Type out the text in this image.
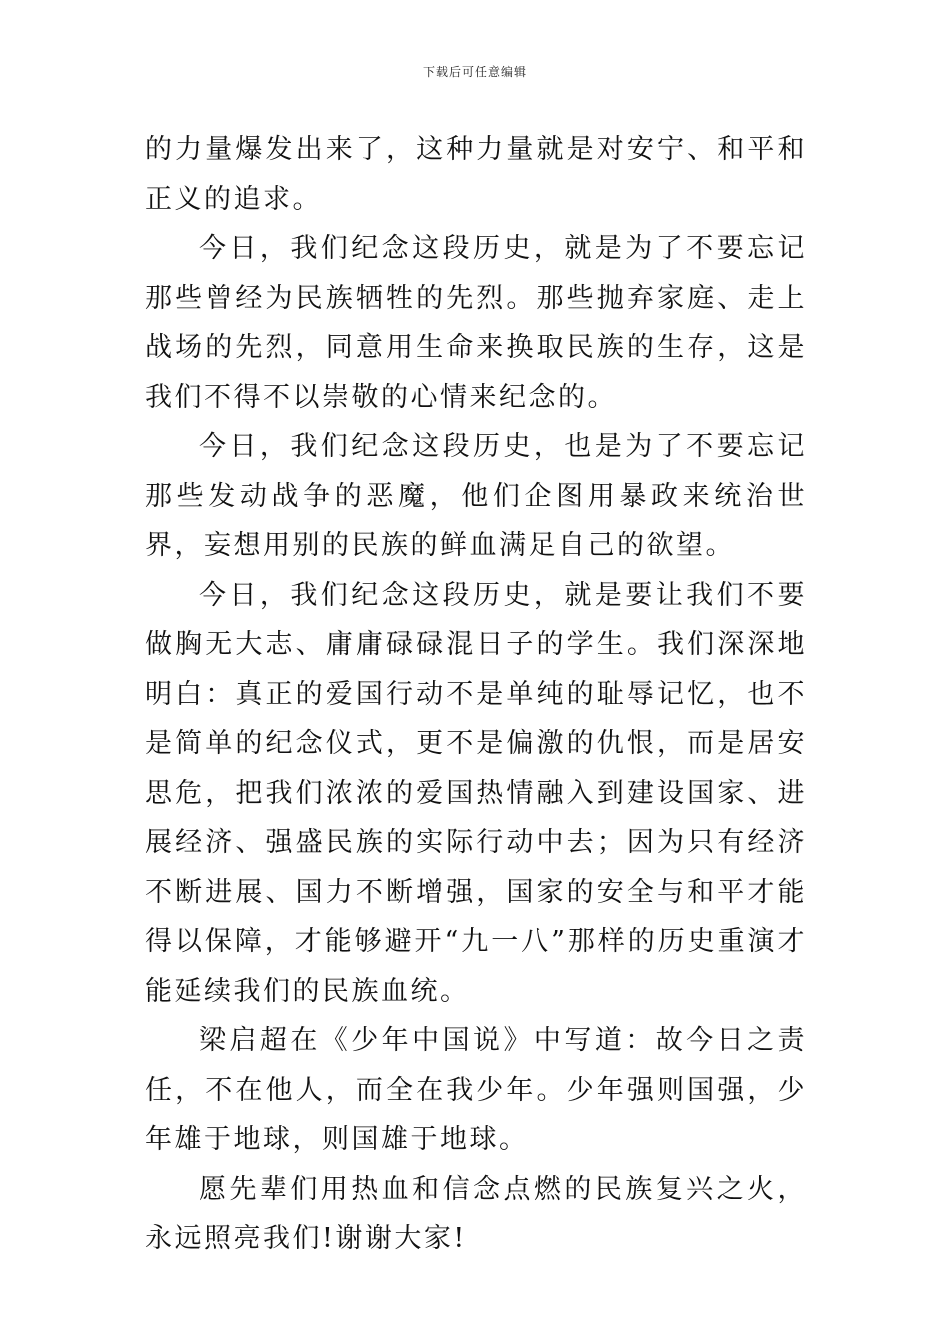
下载后可任意编辑

的力量爆发出来了，这种力量就是对安宁、和平和正义的追求。

今日，我们纪念这段历史，就是为了不要忘记那些曾经为民族牺牲的先烈。那些抛弃家庭、走上战场的先烈，同意用生命来换取民族的生存，这是我们不得不以崇敬的心情来纪念的。

今日，我们纪念这段历史，也是为了不要忘记那些发动战争的恶魔，他们企图用暴政来统治世界，妄想用别的民族的鲜血满足自己的欲望。

今日，我们纪念这段历史，就是要让我们不要做胸无大志、庸庸碌碌混日子的学生。我们深深地明白：真正的爱国行动不是单纯的耻辱记忆，也不是简单的纪念仪式，更不是偏激的仇恨，而是居安思危，把我们浓浓的爱国热情融入到建设国家、进展经济、强盛民族的实际行动中去；因为只有经济不断进展、国力不断增强，国家的安全与和平才能得以保障，才能够避开“九一八”那样的历史重演才能延续我们的民族血统。

梁启超在《少年中国说》中写道：故今日之责任，不在他人，而全在我少年。少年强则国强，少年雄于地球，则国雄于地球。

愿先辈们用热血和信念点燃的民族复兴之火，永远照亮我们!谢谢大家!
